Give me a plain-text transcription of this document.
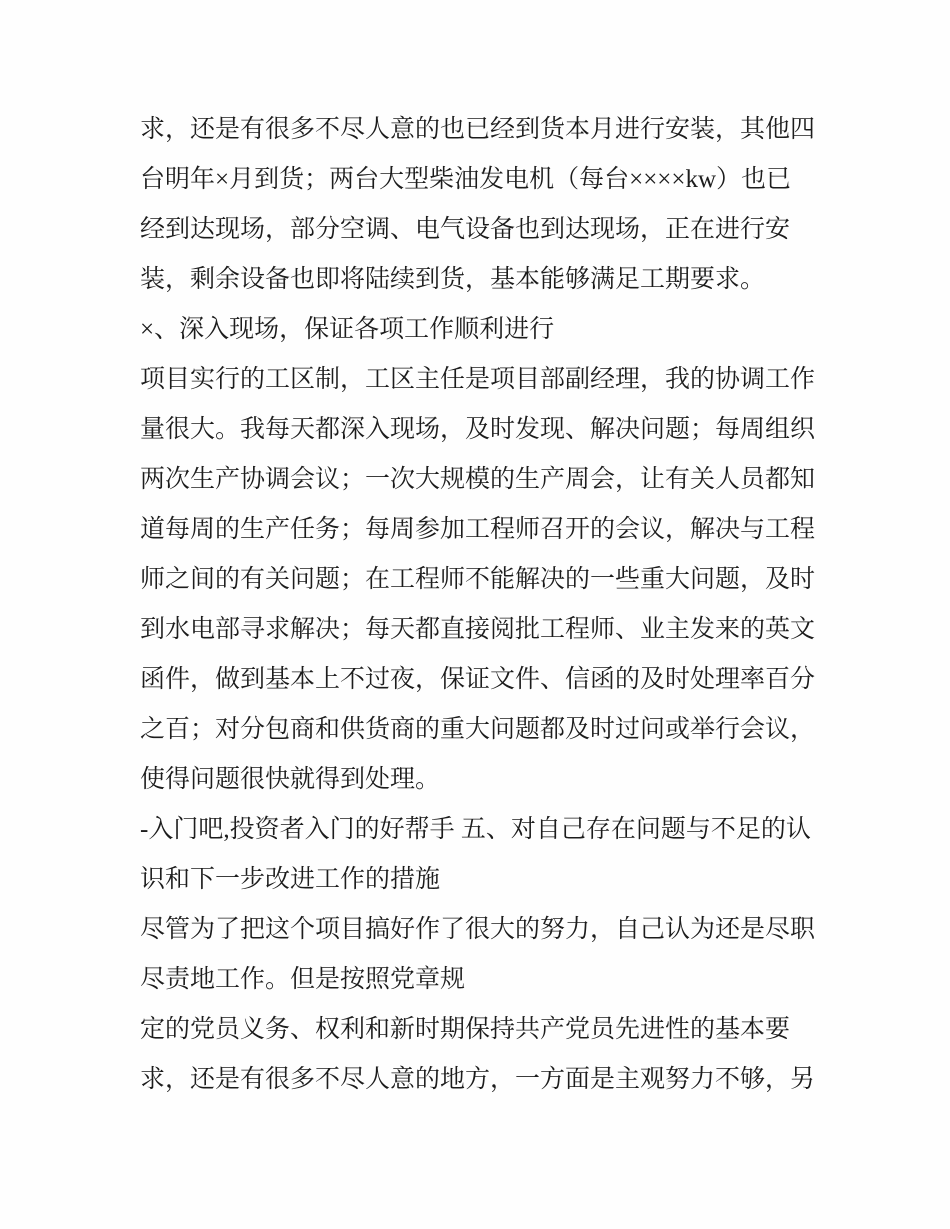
求，还是有很多不尽人意的也已经到货本月进行安装，其他四
台明年×月到货；两台大型柴油发电机（每台××××kw）也已
经到达现场，部分空调、电气设备也到达现场，正在进行安
装，剩余设备也即将陆续到货，基本能够满足工期要求。
×、深入现场，保证各项工作顺利进行
项目实行的工区制，工区主任是项目部副经理，我的协调工作
量很大。我每天都深入现场，及时发现、解决问题；每周组织
两次生产协调会议；一次大规模的生产周会，让有关人员都知
道每周的生产任务；每周参加工程师召开的会议，解决与工程
师之间的有关问题；在工程师不能解决的一些重大问题，及时
到水电部寻求解决；每天都直接阅批工程师、业主发来的英文
函件，做到基本上不过夜，保证文件、信函的及时处理率百分
之百；对分包商和供货商的重大问题都及时过问或举行会议，
使得问题很快就得到处理。
-入门吧,投资者入门的好帮手 五、对自己存在问题与不足的认
识和下一步改进工作的措施
尽管为了把这个项目搞好作了很大的努力，自己认为还是尽职
尽责地工作。但是按照党章规
定的党员义务、权利和新时期保持共产党员先进性的基本要
求，还是有很多不尽人意的地方，一方面是主观努力不够，另
